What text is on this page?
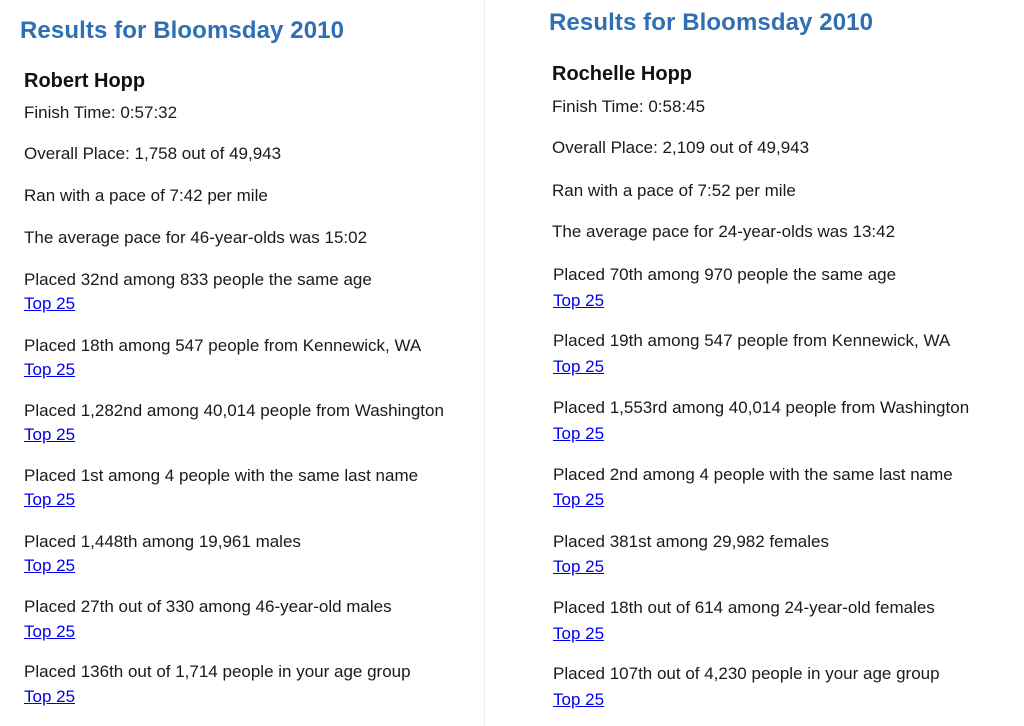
Results for Bloomsday 2010
Robert Hopp
Finish Time: 0:57:32
Overall Place: 1,758 out of 49,943
Ran with a pace of 7:42 per mile
The average pace for 46-year-olds was 15:02
Placed 32nd among 833 people the same age
Top 25
Placed 18th among 547 people from Kennewick, WA
Top 25
Placed 1,282nd among 40,014 people from Washington
Top 25
Placed 1st among 4 people with the same last name
Top 25
Placed 1,448th among 19,961 males
Top 25
Placed 27th out of 330 among 46-year-old males
Top 25
Placed 136th out of 1,714 people in your age group
Top 25
Results for Bloomsday 2010
Rochelle Hopp
Finish Time: 0:58:45
Overall Place: 2,109 out of 49,943
Ran with a pace of 7:52 per mile
The average pace for 24-year-olds was 13:42
Placed 70th among 970 people the same age
Top 25
Placed 19th among 547 people from Kennewick, WA
Top 25
Placed 1,553rd among 40,014 people from Washington
Top 25
Placed 2nd among 4 people with the same last name
Top 25
Placed 381st among 29,982 females
Top 25
Placed 18th out of 614 among 24-year-old females
Top 25
Placed 107th out of 4,230 people in your age group
Top 25
